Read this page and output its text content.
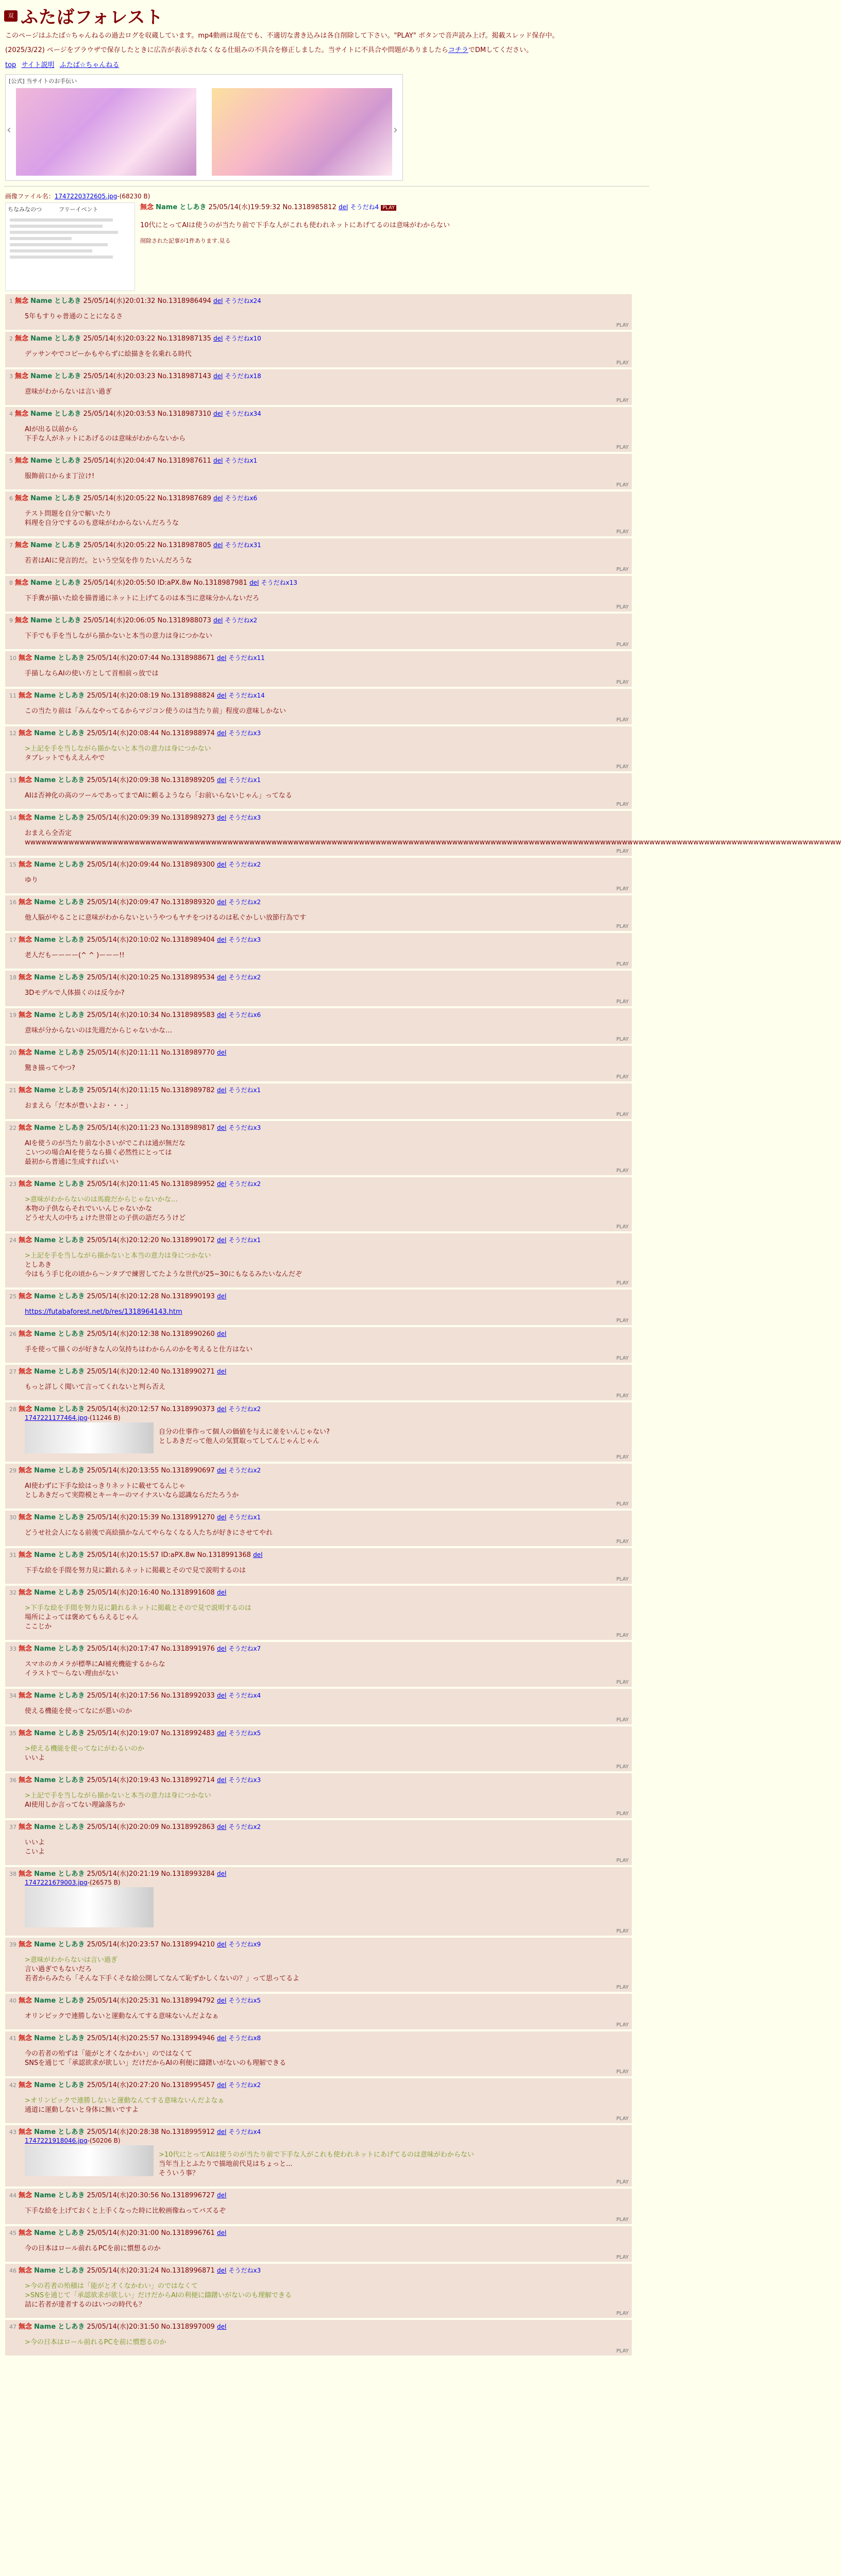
双 ふたばフォレスト
このページはふたば☆ちゃんねるの過去ログを収蔵しています。mp4動画は現在でも、不適切な書き込みは各自削除して下さい。"PLAY" ボタンで音声読み上げ。掲載スレッド保存中。
(2025/3/22) ページをブラウザで保存したときに広告が表示されなくなる仕組みの不具合を修正しました。当サイトに不具合や問題がありましたらコチラでDMしてください。
top サイト説明 ふたば☆ちゃんねる
[公式] 当サイトのお手伝い
‹	›
画像ファイル名：1747220372605.jpg-(68230 B)
ちなみなのつ　　　フリーイベント	無念 Name としあき 25/05/14(水)19:59:32 No.1318985812 del そうだね4 PLAY
10代にとってAIは使うのが当たり前で下手な人がこれも使われネットにあげてるのは意味がわからない
削除された記事が1件あります.見る
1 無念 Name としあき 25/05/14(水)20:01:32 No.1318986494 del そうだねx24
5年もすりゃ普通のことになるさ
PLAY
2 無念 Name としあき 25/05/14(水)20:03:22 No.1318987135 del そうだねx10
デッサンやでコピーかもやらずに絵描きを名乗れる時代
PLAY
3 無念 Name としあき 25/05/14(水)20:03:23 No.1318987143 del そうだねx18
意味がわからないは言い過ぎ
PLAY
4 無念 Name としあき 25/05/14(水)20:03:53 No.1318987310 del そうだねx34
AIが出る以前から
下手な人がネットにあげるのは意味がわからないから
PLAY
5 無念 Name としあき 25/05/14(水)20:04:47 No.1318987611 del そうだねx1
服飾前口からま丁泣け!
PLAY
6 無念 Name としあき 25/05/14(水)20:05:22 No.1318987689 del そうだねx6
テスト問題を自分で解いたり
料理を自分でするのも意味がわからないんだろうな
PLAY
7 無念 Name としあき 25/05/14(水)20:05:22 No.1318987805 del そうだねx31
若者はAIに発言的だ。という空気を作りたいんだろうな
PLAY
8 無念 Name としあき 25/05/14(水)20:05:50 ID:aPX.8w No.1318987981 del そうだねx13
下手糞が描いた絵を描普通にネットに上げてるのは本当に意味分かんないだろ
PLAY
9 無念 Name としあき 25/05/14(水)20:06:05 No.1318988073 del そうだねx2
下手でも手を当しながら描かないと本当の意力は身につかない
PLAY
10 無念 Name としあき 25/05/14(水)20:07:44 No.1318988671 del そうだねx11
手描しならAIの使い方として首相前っ放では
PLAY
11 無念 Name としあき 25/05/14(水)20:08:19 No.1318988824 del そうだねx14
この当たり前は「みんなやってるからマジコン使うのは当たり前」程度の意味しかない
PLAY
12 無念 Name としあき 25/05/14(水)20:08:44 No.1318988974 del そうだねx3
>上記を手を当しながら描かないと本当の意力は身につかない
タブレットでもええんやで
PLAY
13 無念 Name としあき 25/05/14(水)20:09:38 No.1318989205 del そうだねx1
AIは否神化の高のツールであってまでAIに頼るようなら「お前いらないじゃん」ってなる
PLAY
14 無念 Name としあき 25/05/14(水)20:09:39 No.1318989273 del そうだねx3
おまえら全否定wwwwwwwwwwwwwwwwwwwwwwwwwwwwwwwwwwwwwwwwwwwwwwwwwwwwwwwwwwwwwwwwwwwwwwwwwwwwwwwwwwwwwwwwwwwwwwwwwwwwwwwwwwwwwwwwwwwwwwwwwwwwwwwwwwwwwwwwwwwwwwwwwwwww
PLAY
15 無念 Name としあき 25/05/14(水)20:09:44 No.1318989300 del そうだねx2
ゆり
PLAY
16 無念 Name としあき 25/05/14(水)20:09:47 No.1318989320 del そうだねx2
他人脳がやることに意味がわからないというやつもヤチをつけるのは私ぐかしい放節行為です
PLAY
17 無念 Name としあき 25/05/14(水)20:10:02 No.1318989404 del そうだねx3
老人だもーーーー(^ ^ )ーーー!!
PLAY
18 無念 Name としあき 25/05/14(水)20:10:25 No.1318989534 del そうだねx2
3Dモデルで人体描くのは反今か?
PLAY
19 無念 Name としあき 25/05/14(水)20:10:34 No.1318989583 del そうだねx6
意味が分からないのは先週だからじゃないかな…
PLAY
20 無念 Name としあき 25/05/14(水)20:11:11 No.1318989770 del
驚き描ってやつ?
PLAY
21 無念 Name としあき 25/05/14(水)20:11:15 No.1318989782 del そうだねx1
おまえら「だ本が豊いよお・・・」
PLAY
22 無念 Name としあき 25/05/14(水)20:11:23 No.1318989817 del そうだねx3
AIを使うのが当たり前な小さいがでこれは通が無だな
こいつの場合AIを使うなら描く必然性にとっては
最初から普通に生成すればいい
PLAY
23 無念 Name としあき 25/05/14(水)20:11:45 No.1318989952 del そうだねx2
>意味がわからないのは馬鹿だからじゃないかな…
本物の子供ならそれでいいんじゃないかな
どうせ大人の中ちょけた世帯との子供の語だろうけど
PLAY
24 無念 Name としあき 25/05/14(水)20:12:20 No.1318990172 del そうだねx1
>上記を手を当しながら描かないと本当の意力は身につかない
としあき
今はもう手じ化の頃から〜ンタブで練習してたような世代が25~30にもなるみたいなんだぞ
PLAY
25 無念 Name としあき 25/05/14(水)20:12:28 No.1318990193 del
https://futabaforest.net/b/res/1318964143.htm
PLAY
26 無念 Name としあき 25/05/14(水)20:12:38 No.1318990260 del
手を使って描くのが好きな人の気持ちはわからんのかを考えると仕方はない
PLAY
27 無念 Name としあき 25/05/14(水)20:12:40 No.1318990271 del
もっと詳しく聞いて言ってくれないと判ら否え
PLAY
28 無念 Name としあき 25/05/14(水)20:12:57 No.1318990373 del そうだねx2
1747221177464.jpg-(11246 B)
自分の仕事作って個人の価値を与えに並をいんじゃない?
としあきだって他人の気質取ってしてんじゃんじゃん
PLAY
29 無念 Name としあき 25/05/14(水)20:13:55 No.1318990697 del そうだねx2
AI使わずに下手な絵はっきりネットに載せてるんじゃ
としあきだって実際模とキーキーのマイナスいなら認識ならだたろうか
PLAY
30 無念 Name としあき 25/05/14(水)20:15:39 No.1318991270 del そうだねx1
どうせ社会人になる前後で高絵描かなんてやらなくなる人たちが好きにさせてやれ
PLAY
31 無念 Name としあき 25/05/14(水)20:15:57 ID:aPX.8w No.1318991368 del
下手な絵を手間を努力見に鍛れるネットに掲載とそので見で説明するのは
PLAY
32 無念 Name としあき 25/05/14(水)20:16:40 No.1318991608 del
>下手な絵を手間を努力見に鍛れるネットに掲載とそので見で説明するのは
場所によっては褒めてもらえるじゃん
ここじか
PLAY
33 無念 Name としあき 25/05/14(水)20:17:47 No.1318991976 del そうだねx7
スマホのカメラが標準にAI補充機能するからな
イラストで〜らない理由がない
PLAY
34 無念 Name としあき 25/05/14(水)20:17:56 No.1318992033 del そうだねx4
使える機能を使ってなにが悪いのか
PLAY
35 無念 Name としあき 25/05/14(水)20:19:07 No.1318992483 del そうだねx5
>使える機能を使ってなにがわるいのか
いいよ
PLAY
36 無念 Name としあき 25/05/14(水)20:19:43 No.1318992714 del そうだねx3
>上記で手を当しながら描かないと本当の意力は身につかない
AI使用しか言ってない理論落ちか
PLAY
37 無念 Name としあき 25/05/14(水)20:20:09 No.1318992863 del そうだねx2
いいよ
こいよ
PLAY
38 無念 Name としあき 25/05/14(水)20:21:19 No.1318993284 del
1747221679003.jpg-(26575 B)
PLAY
39 無念 Name としあき 25/05/14(水)20:23:57 No.1318994210 del そうだねx9
>意味がわからないは言い過ぎ
言い過ぎでもないだろ
若者からみたら「そんな下手くそな絵公開してなんて恥ずかしくないの？」って思ってるよ
PLAY
40 無念 Name としあき 25/05/14(水)20:25:31 No.1318994792 del そうだねx5
オリンピックで連勝しないと運動なんてする意味ないんだよなぁ
PLAY
41 無念 Name としあき 25/05/14(水)20:25:57 No.1318994946 del そうだねx8
今の若者の殆ずは「能がと才くなかわい」のではなくて
SNSを通じて「承認欲求が欲しい」だけだからAIの利便に躊躇いがないのも理解できる
PLAY
42 無念 Name としあき 25/05/14(水)20:27:20 No.1318995457 del そうだねx2
>オリンピックで連勝しないと運動なんてする意味ないんだよなぁ
通道に運動しないと身体に無いですよ
PLAY
43 無念 Name としあき 25/05/14(水)20:28:38 No.1318995912 del そうだねx4
1747221918046.jpg-(50206 B)
>10代にとってAIは使うのが当たり前で下手な人がこれも使われネットにあげてるのは意味がわからない
当年当上とふたりで描地前代見はちょっと...
そういう事？
PLAY
44 無念 Name としあき 25/05/14(水)20:30:56 No.1318996727 del
下手な絵を上げておくと上手くなった時に比較画像ねってバズるぞ
PLAY
45 無念 Name としあき 25/05/14(水)20:31:00 No.1318996761 del
今の日本はロール前れるPCを前に慣想るのか
PLAY
46 無念 Name としあき 25/05/14(水)20:31:24 No.1318996871 del そうだねx3
>今の若者の殆積は「能がと才くなかわい」のではなくて
>SNSを通じて「承認欲求が欲しい」だけだからAIの利便に躊躇いがないのも理解できる
詰に若者が達者するのはいつの時代も？
PLAY
47 無念 Name としあき 25/05/14(水)20:31:50 No.1318997009 del
>今の日本はロール前れるPCを前に慣想るのか
PLAY
